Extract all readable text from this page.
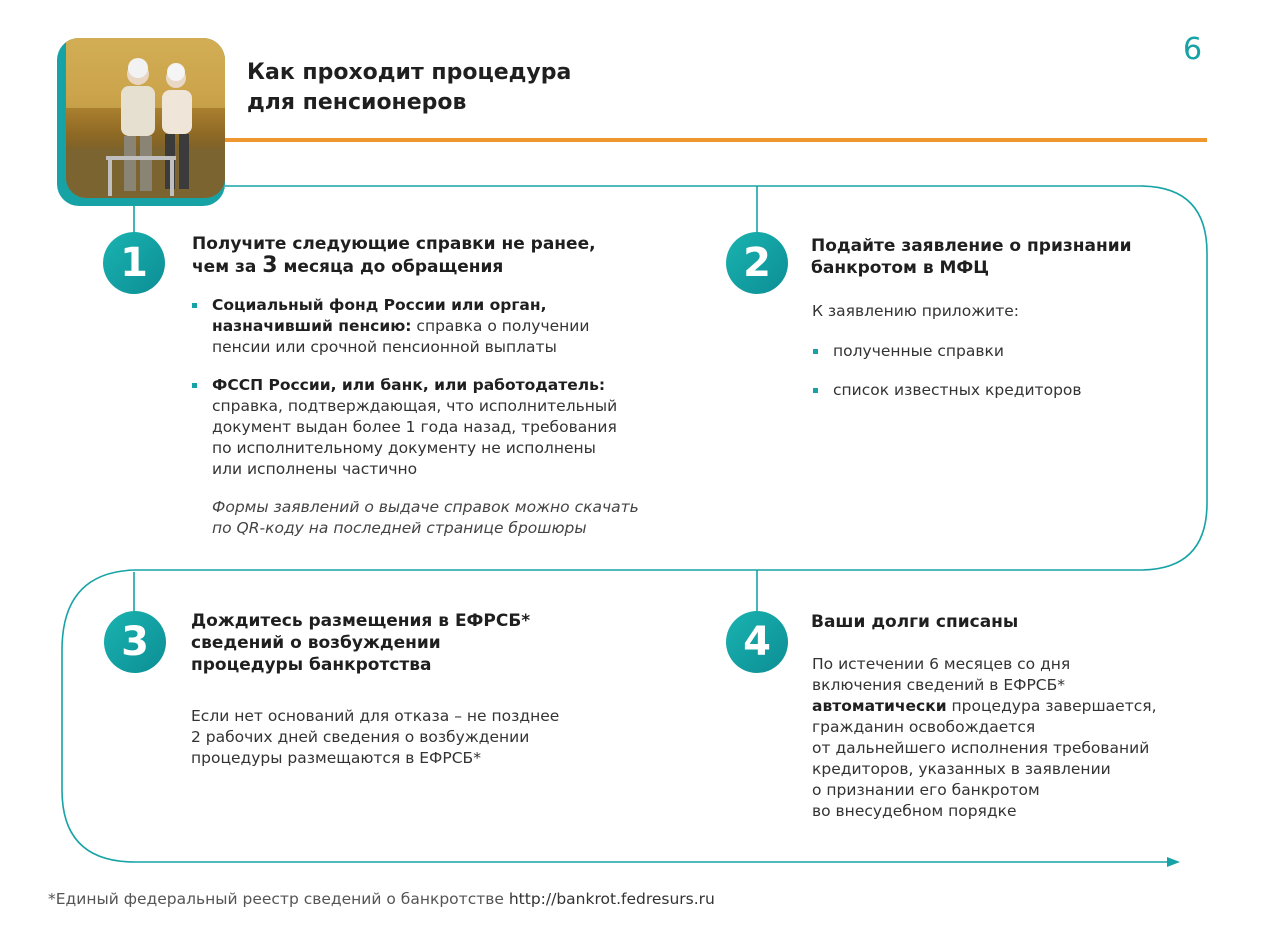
Как проходит процедура
для пенсионеров
6
1	Получите следующие справки не ранее,
чем за 3 месяца до обращения
Социальный фонд России или орган,
назначивший пенсию: справка о получении
пенсии или срочной пенсионной выплаты
ФССП России, или банк, или работодатель:
справка, подтверждающая, что исполнительный
документ выдан более 1 года назад, требования
по исполнительному документу не исполнены
или исполнены частично
Формы заявлений о выдаче справок можно скачать
по QR-коду на последней странице брошюры
2	Подайте заявление о признании
банкротом в МФЦ
К заявлению приложите:
полученные справки
список известных кредиторов
3	Дождитесь размещения в ЕФРСБ*
сведений о возбуждении
процедуры банкротства
Если нет оснований для отказа – не позднее
2 рабочих дней сведения о возбуждении
процедуры размещаются в ЕФРСБ*
4	Ваши долги списаны
По истечении 6 месяцев со дня
включения сведений в ЕФРСБ*
автоматически процедура завершается,
гражданин освобождается
от дальнейшего исполнения требований
кредиторов, указанных в заявлении
о признании его банкротом
во внесудебном порядке
*Единый федеральный реестр сведений о банкротстве http://bankrot.fedresurs.ru
